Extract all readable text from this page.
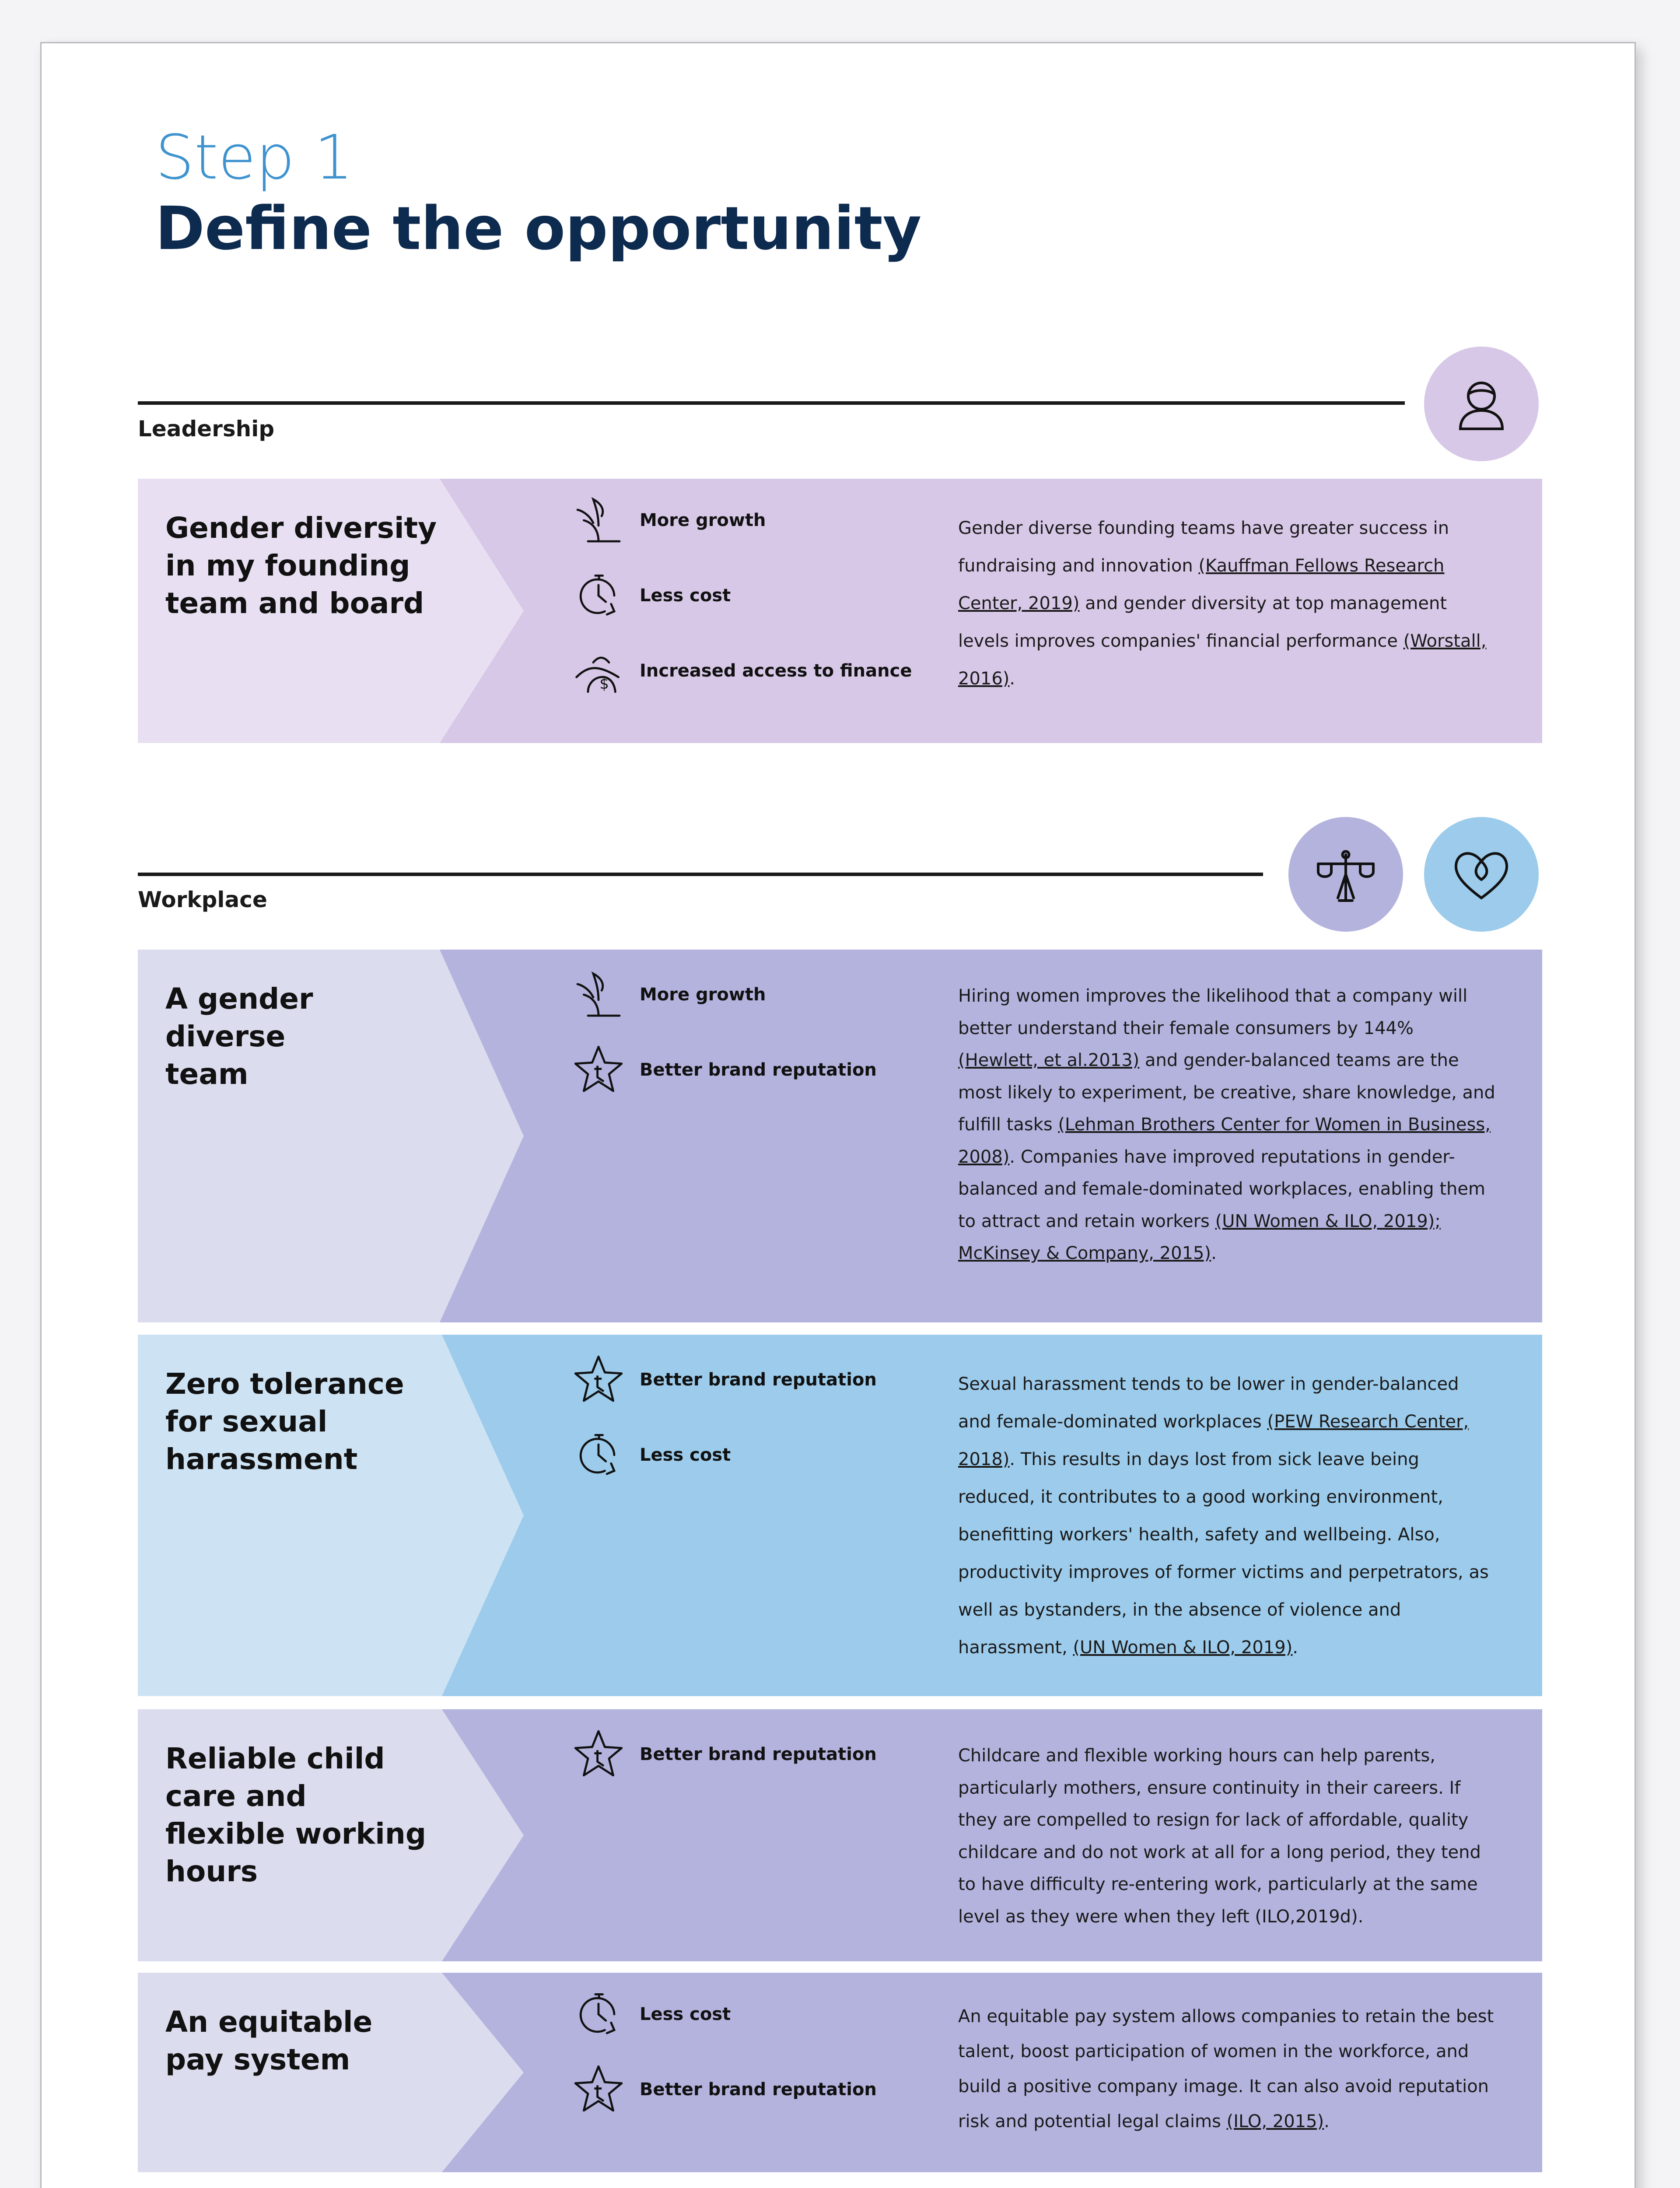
Step 1
Define the opportunity
Leadership
Gender diversity in my founding team and board
More growth
Less cost
$
Increased access to finance
Gender diverse founding teams have greater success in fundraising and innovation (Kauffman Fellows Research Center, 2019) and gender diversity at top management levels improves companies' financial performance (Worstall, 2016).
Workplace
A gender diverse team
More growth
Better brand reputation
Hiring women improves the likelihood that a company will better understand their female consumers by 144% (Hewlett, et al.2013) and gender-balanced teams are the most likely to experiment, be creative, share knowledge, and fulfill tasks (Lehman Brothers Center for Women in Business, 2008). Companies have improved reputations in gender-balanced and female-dominated workplaces, enabling them to attract and retain workers (UN Women & ILO, 2019); McKinsey & Company, 2015).
Zero tolerance for sexual harassment
Better brand reputation
Less cost
Sexual harassment tends to be lower in gender-balanced and female-dominated workplaces (PEW Research Center, 2018). This results in days lost from sick leave being reduced, it contributes to a good working environment, benefitting workers' health, safety and wellbeing. Also, productivity improves of former victims and perpetrators, as well as bystanders, in the absence of violence and harassment, (UN Women & ILO, 2019).
Reliable child care and flexible working hours
Better brand reputation	Childcare and flexible working hours can help parents, particularly mothers, ensure continuity in their careers. If they are compelled to resign for lack of affordable, quality childcare and do not work at all for a long period, they tend to have difficulty re-entering work, particularly at the same level as they were when they left (ILO,2019d).
An equitable pay system
Less cost
Better brand reputation
An equitable pay system allows companies to retain the best talent, boost participation of women in the workforce, and build a positive company image. It can also avoid reputation risk and potential legal claims (ILO, 2015).
